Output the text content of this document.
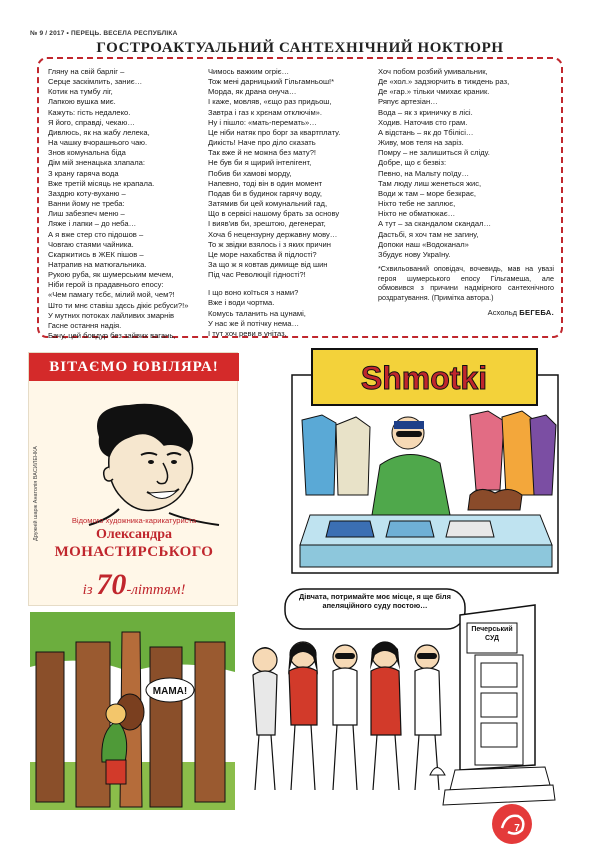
№ 9 / 2017 • ПЕРЕЦЬ. ВЕСЕЛА РЕСПУБЛІКА
ГОСТРОАКТУАЛЬНИЙ САНТЕХНІЧНИЙ НОКТЮРН
Гляну на свій барліг –
Серце заскімлить, заниє…
Котик на тумбу ліг,
Лапкою вушка миє.
Кажуть: гість недалеко.
Я його, справді, чекаю…
Дивлюсь, як на жабу лелека,
На чашку вчорашнього чаю.
Знов комунальна біда
Дім мій зненацька злапала:
З крану гаряча вода
Вже третій місяць не крапала.
Заздрю коту-вуханю –
Ванни йому не треба:
Лиш забезпеч меню –
Ляже і лапки – до неба…
А я вже стер сто підошов –
Човгаю стаями чайника.
Скаржитись в ЖЕК пішов –
Натрапив на матюгальника.
Рукою руба, як шумерським мечем,
Ніби герой із прадавнього епосу:
«Чем памагу тєбє, мілий мой, чем?!
Што ти мнє ставіш здєсь дікіє рєбуси?!»
У мутних потоках лайливих змарнів
Гасне остання надія.
Бачу, цей бовдур без зайвих вагань,
Чимось важким огріє…
Тож мені дарницький Гільгамньош!*
Морда, як драна онуча…
І кажe, мовляв, «єщо раз придьош,
Завтра і газ к хрєнам отключім».
Ну і пішло: «мать-перемать»…
Це ніби натяк про борг за квартплату.
Дикість! Наче про діло сказать
Так вже й не можна без мату?!
Не був би я щирий інтелігент,
Побив би хамові морду,
Напевно, тоді він в один момент
Подав би в будинок гарячу воду,
Затямив би цей комунальний гад,
Що в сервісі нашому брать за основу
І вияв'ив би, зрештою, дегенерат,
Хоча б нецензурну державну мову…
То ж звідки взялось і з яких причин
Це море нахабства й підлості?
За що ж я ковтав димище від шин
Під час Революції гідності?!
І що воно коїться з нами?
Вже і води чортма.
Комусь таланить на цунамі,
У нас же й потічку нема…
І тут хоч реви в унітаз,
Хоч побом розбий умивальник,
Де «хол.» задзюрчить в тиждень раз,
Де «гар.» тільки чмихає краник.
Ряпує артезіан…
Вода – як з криничку в лісі.
Ходив. Наточив сто грам.
А відстань – як до Тбілісі…
Живу, мов теля на заріз.
Помру – не залишиться й сліду.
Добре, що є безвіз:
Певно, на Мальту поїду…
Там люду лиш женеться жис,
Води ж там – море безкрає,
Ніхто тебе не заплює,
Ніхто не обматюкає…
А тут – за скандалом скандал…
Дастьбі, я хоч там не загину,
Допоки наш «Водоканал»
Збудує нову Україну.
*Схвильований оповідач, вочевидь, мав на увазі героя шумерського епосу Гільгамеша, але обмовився з причини надмірного сантехнічного роздратування. (Примітка автора.)
Асхольд БЕГЕБА.
ВІТАЄМО ЮВІЛЯРА!
Дружній шарж Анатолія ВАСИЛЕНКА	Відомого художника-карикатуриста
Олександра
МОНАСТИРСЬКОГО
із 70-літтям!
Shmotki
МАМА!
Дівчата, потримайте моє місце, я ще біля апеляційного суду постою…
Печерський СУД
7
